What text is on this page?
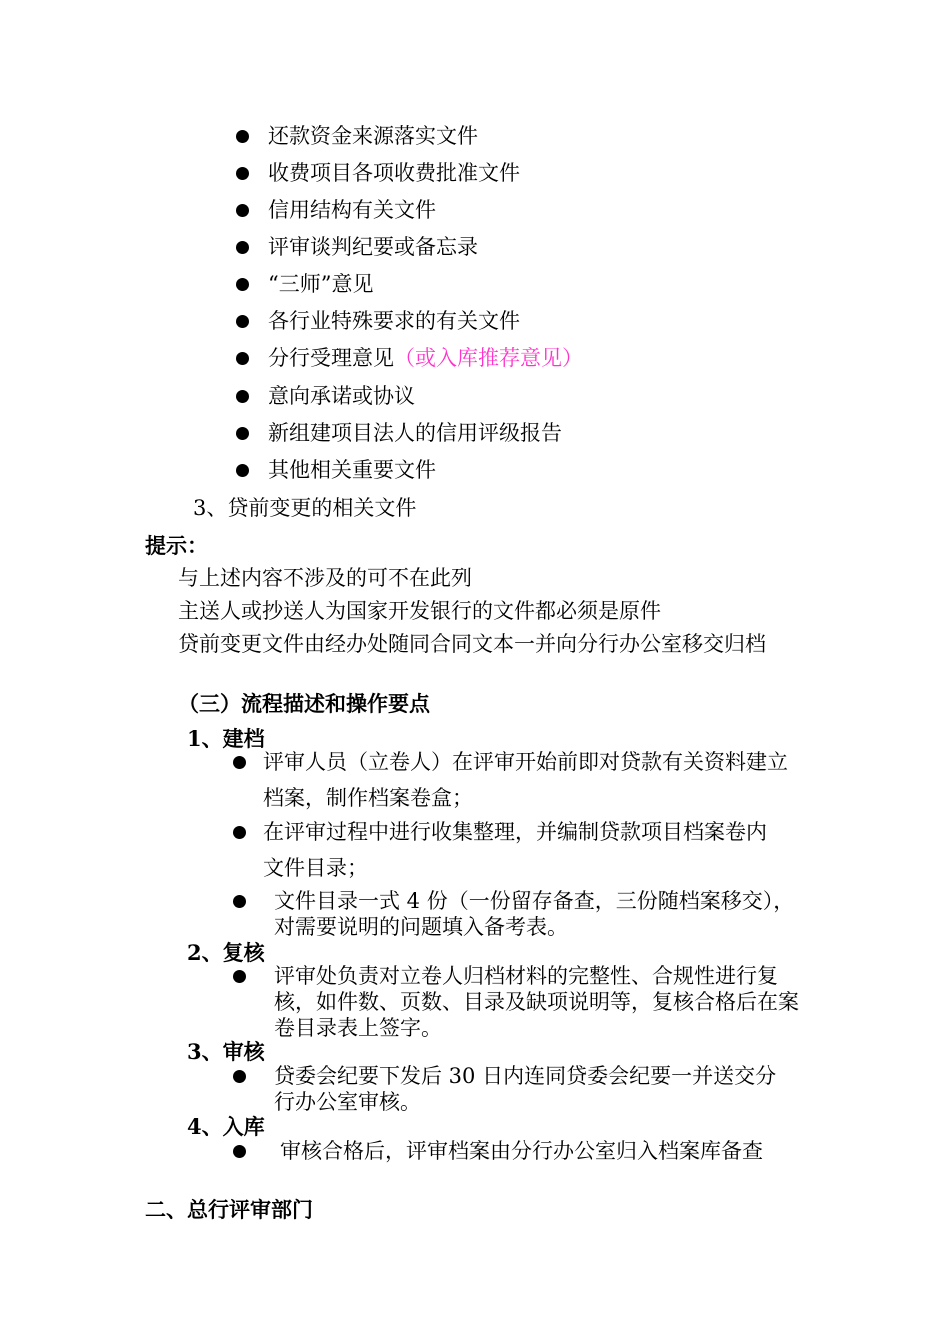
还款资金来源落实文件
收费项目各项收费批准文件
信用结构有关文件
评审谈判纪要或备忘录
“三师”意见
各行业特殊要求的有关文件
分行受理意见（或入库推荐意见）
意向承诺或协议
新组建项目法人的信用评级报告
其他相关重要文件
3、贷前变更的相关文件
提示：
与上述内容不涉及的可不在此列
主送人或抄送人为国家开发银行的文件都必须是原件
贷前变更文件由经办处随同合同文本一并向分行办公室移交归档
（三）流程描述和操作要点
1、建档
评审人员（立卷人）在评审开始前即对贷款有关资料建立
档案，制作档案卷盒；
在评审过程中进行收集整理，并编制贷款项目档案卷内
文件目录；
文件目录一式 4 份（一份留存备查，三份随档案移交），
对需要说明的问题填入备考表。
2、复核
评审处负责对立卷人归档材料的完整性、合规性进行复
核，如件数、页数、目录及缺项说明等，复核合格后在案
卷目录表上签字。
3、审核
贷委会纪要下发后 30 日内连同贷委会纪要一并送交分
行办公室审核。
4、入库
审核合格后，评审档案由分行办公室归入档案库备查
二、总行评审部门
